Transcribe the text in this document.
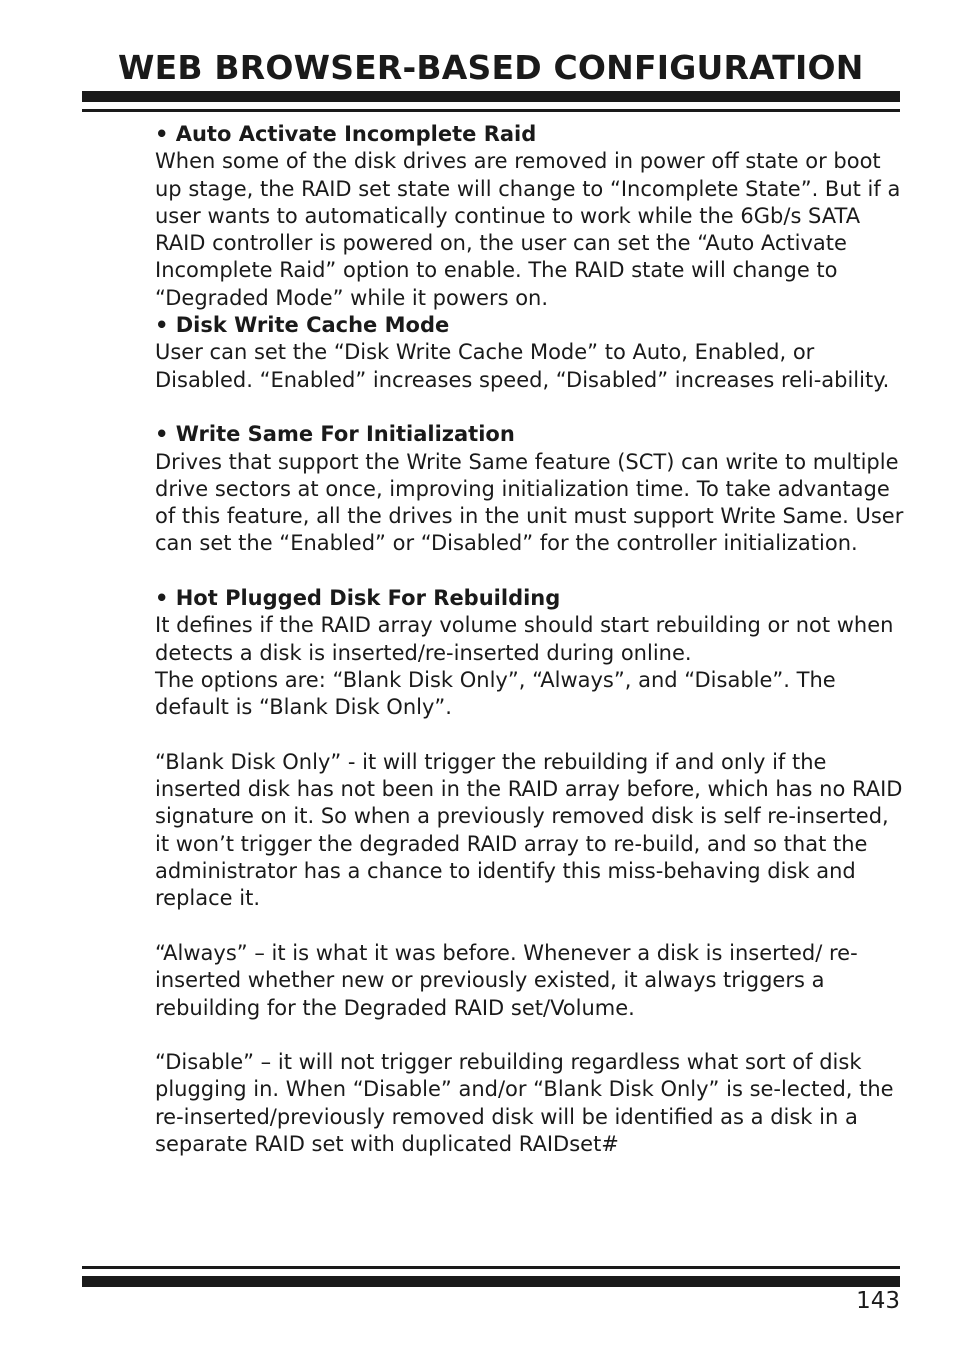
WEB BROWSER-BASED CONFIGURATION

• Auto Activate Incomplete Raid

When some of the disk drives are removed in power off state or boot up stage, the RAID set state will change to “Incomplete State”. But if a user wants to automatically continue to work while the 6Gb/s SATA RAID controller is powered on, the user can set the “Auto Activate Incomplete Raid” option to enable. The RAID state will change to “Degraded Mode” while it powers on.

• Disk Write Cache Mode

User can set the “Disk Write Cache Mode” to Auto, Enabled, or Disabled. “Enabled” increases speed, “Disabled” increases reli-ability.

• Write Same For Initialization

Drives that support the Write Same feature (SCT) can write to multiple drive sectors at once, improving initialization time. To take advantage of this feature, all the drives in the unit must support Write Same. User can set the “Enabled” or “Disabled” for the controller initialization.

• Hot Plugged Disk For Rebuilding

It defines if the RAID array volume should start rebuilding or not when detects a disk is inserted/re-inserted during online.

The options are: “Blank Disk Only”, “Always”, and “Disable”. The default is “Blank Disk Only”.

“Blank Disk Only” - it will trigger the rebuilding if and only if the inserted disk has not been in the RAID array before, which has no RAID signature on it. So when a previously removed disk is self re-inserted, it won’t trigger the degraded RAID array to re-build, and so that the administrator has a chance to identify this miss-behaving disk and replace it.

“Always” – it is what it was before. Whenever a disk is inserted/ re-inserted whether new or previously existed, it always triggers a rebuilding for the Degraded RAID set/Volume.

“Disable” – it will not trigger rebuilding regardless what sort of disk plugging in. When “Disable” and/or “Blank Disk Only” is se-lected, the re-inserted/previously removed disk will be identified as a disk in a separate RAID set with duplicated RAIDset#

143
